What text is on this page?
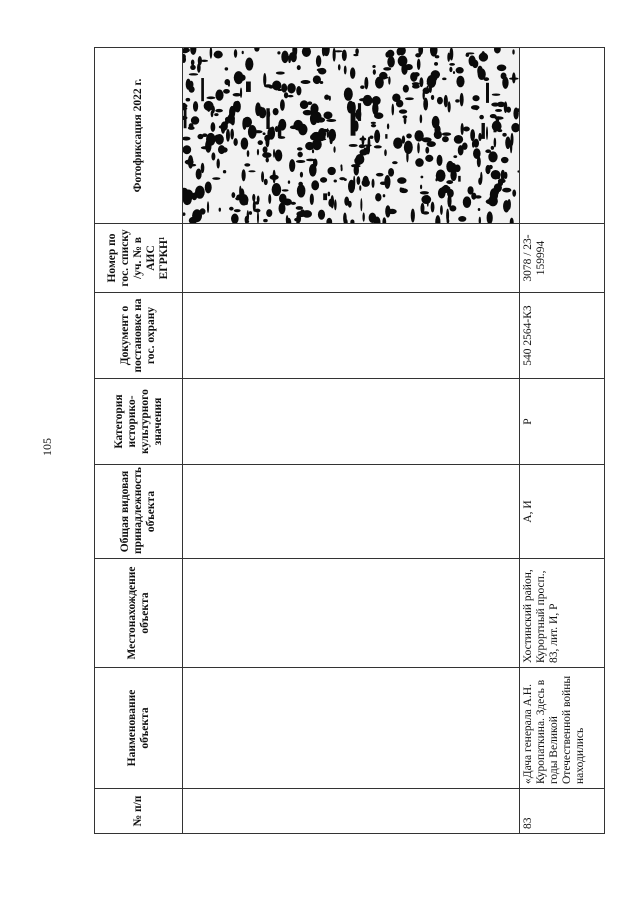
105
№ п/п	Наименование объекта	Местонахождение объекта	Общая видовая принадлежность объекта	Категория историко-культурного значения	Документ о постановке на гос. охрану	Номер по гос. списку /уч. № в АИС ЕГРКН¹	Фотофиксация 2022 г.

83	«Дача генерала А.Н. Куропаткина. Здесь в годы Великой Отечественной войны находились	Хостинский район, Курортный просп., 83, лит. И, Р	А, И	Р	540 2564-КЗ	3078 / 23-159994	
